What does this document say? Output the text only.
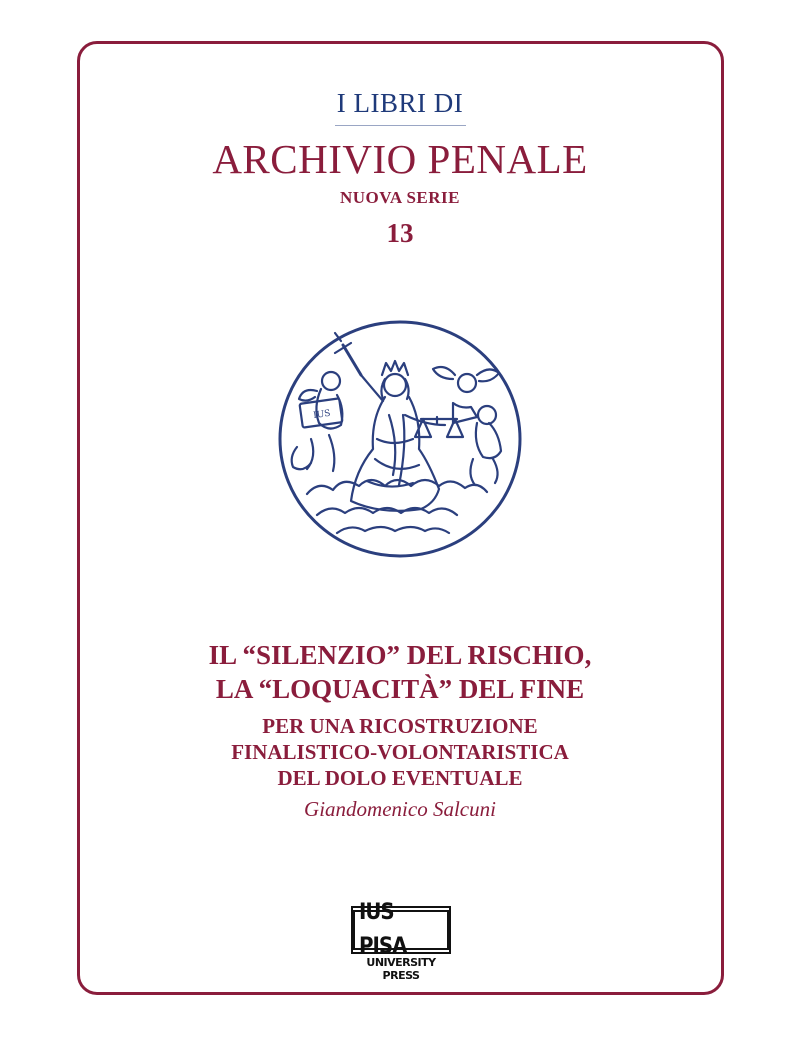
I LIBRI DI
ARCHIVIO PENALE
NUOVA SERIE
13
IUS
IL “SILENZIO” DEL RISCHIO,
LA “LOQUACITÀ” DEL FINE
PER UNA RICOSTRUZIONE
FINALISTICO-VOLONTARISTICA
DEL DOLO EVENTUALE
Giandomenico Salcuni
IUS PISA
UNIVERSITY PRESS
